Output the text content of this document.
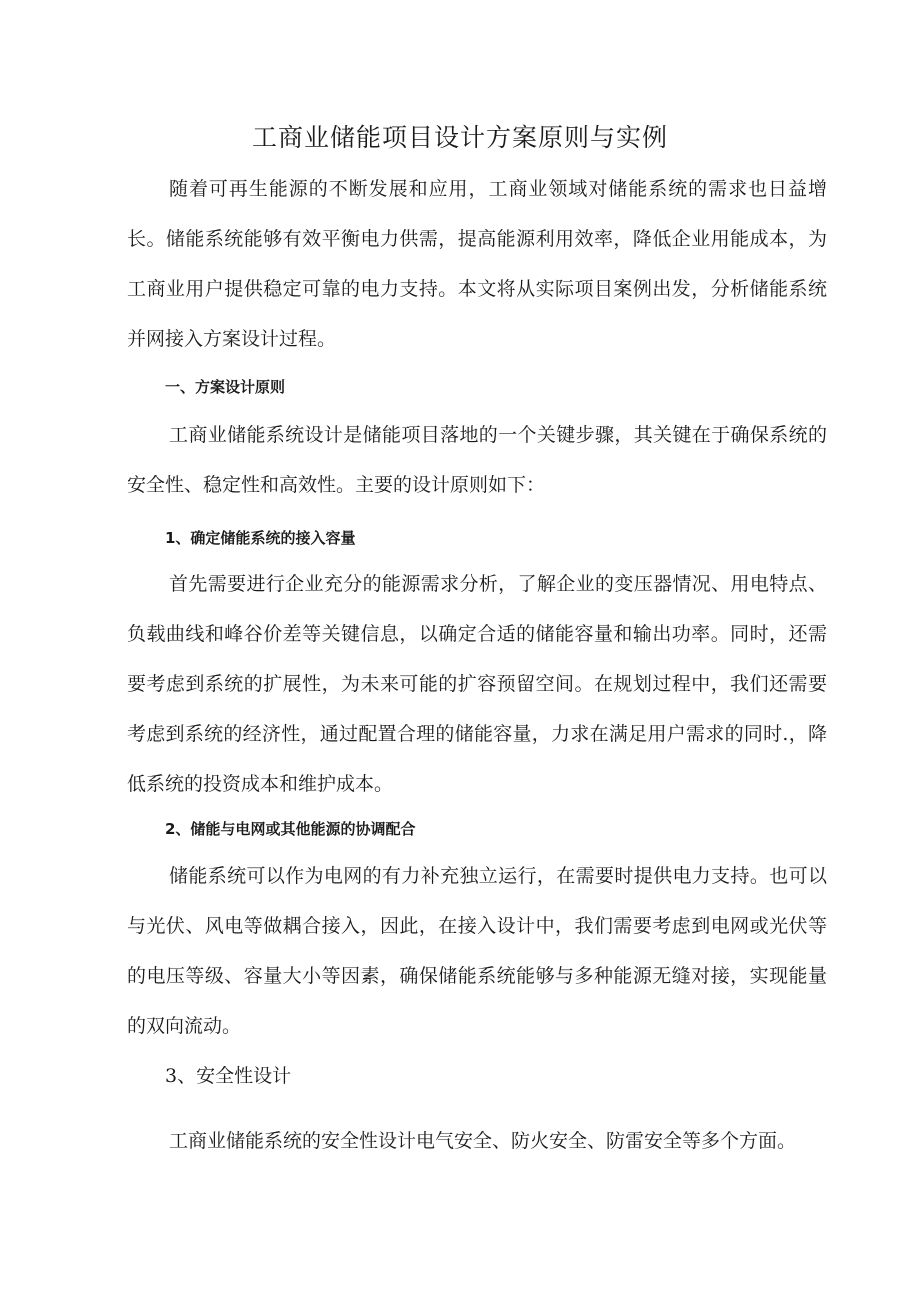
工商业储能项目设计方案原则与实例

随着可再生能源的不断发展和应用，工商业领域对储能系统的需求也日益增长。储能系统能够有效平衡电力供需，提高能源利用效率，降低企业用能成本，为工商业用户提供稳定可靠的电力支持。本文将从实际项目案例出发，分析储能系统并网接入方案设计过程。

一、方案设计原则

工商业储能系统设计是储能项目落地的一个关键步骤，其关键在于确保系统的安全性、稳定性和高效性。主要的设计原则如下：

1、确定储能系统的接入容量

首先需要进行企业充分的能源需求分析，了解企业的变压器情况、用电特点、负载曲线和峰谷价差等关键信息，以确定合适的储能容量和输出功率。同时，还需要考虑到系统的扩展性，为未来可能的扩容预留空间。在规划过程中，我们还需要考虑到系统的经济性，通过配置合理的储能容量，力求在满足用户需求的同时.，降低系统的投资成本和维护成本。

2、储能与电网或其他能源的协调配合

储能系统可以作为电网的有力补充独立运行，在需要时提供电力支持。也可以与光伏、风电等做耦合接入，因此，在接入设计中，我们需要考虑到电网或光伏等的电压等级、容量大小等因素，确保储能系统能够与多种能源无缝对接，实现能量的双向流动。

3、安全性设计

工商业储能系统的安全性设计电气安全、防火安全、防雷安全等多个方面。
